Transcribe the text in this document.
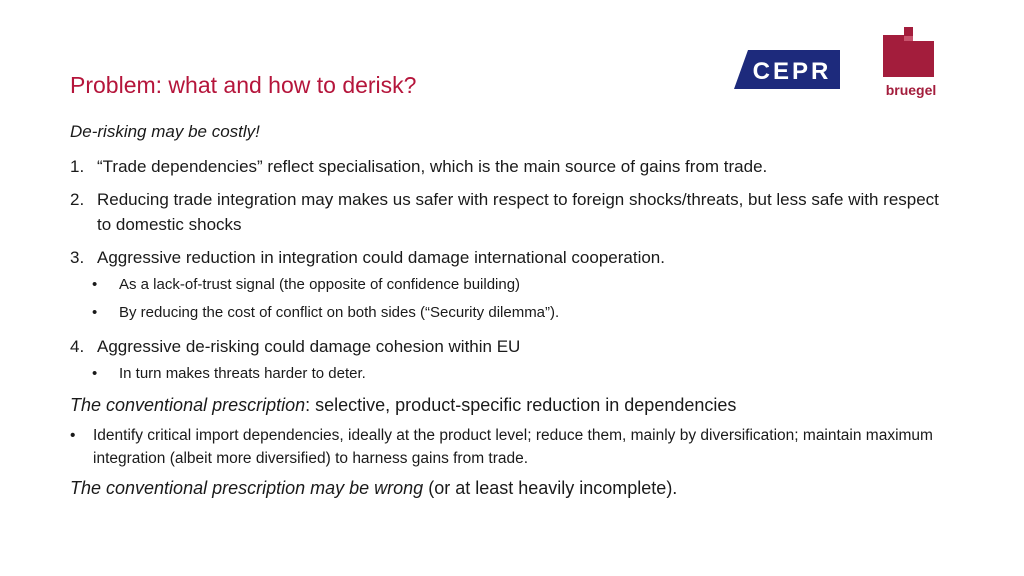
Problem: what and how to derisk?	CEPR
bruegel
De-risking may be costly!
1. “Trade dependencies” reflect specialisation, which is the main source of gains from trade.
2. Reducing trade integration may makes us safer with respect to foreign shocks/threats, but less safe with respect to domestic shocks
3. Aggressive reduction in integration could damage international cooperation.
• As a lack-of-trust signal (the opposite of confidence building)
• By reducing the cost of conflict on both sides (“Security dilemma”).
4. Aggressive de-risking could damage cohesion within EU
• In turn makes threats harder to deter.
The conventional prescription: selective, product-specific reduction in dependencies
• Identify critical import dependencies, ideally at the product level; reduce them, mainly by diversification; maintain maximum integration (albeit more diversified) to harness gains from trade.
The conventional prescription may be wrong (or at least heavily incomplete).
